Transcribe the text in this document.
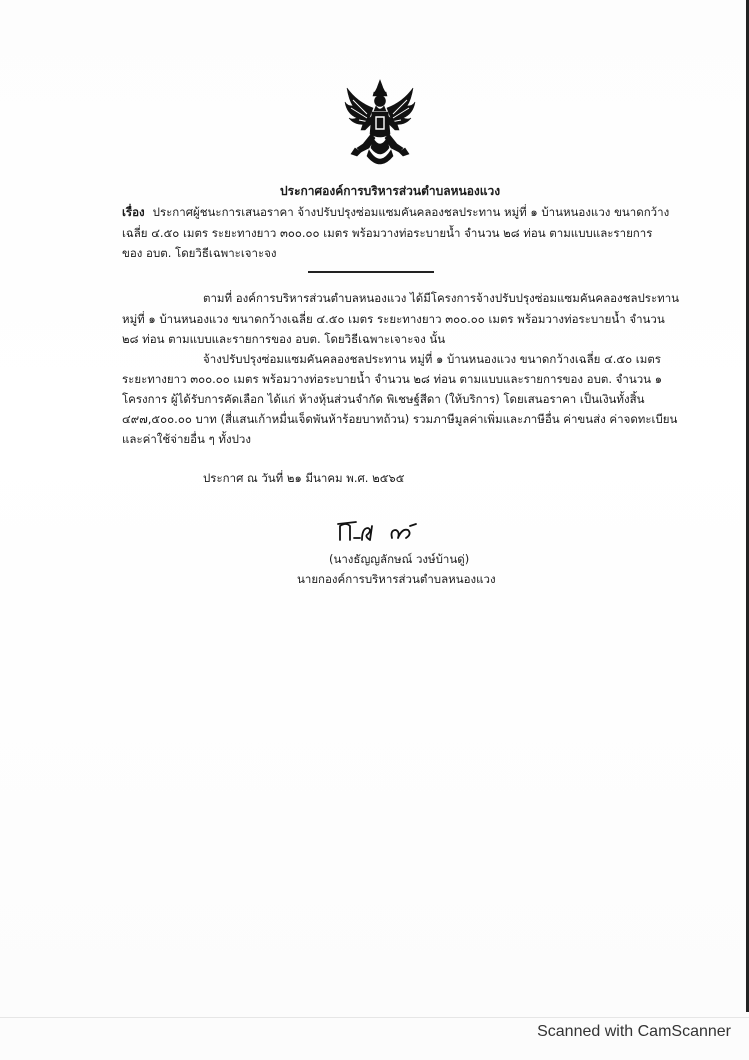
ประกาศองค์การบริหารส่วนตำบลหนองแวง
เรื่อง ประกาศผู้ชนะการเสนอราคา จ้างปรับปรุงซ่อมแซมคันคลองชลประทาน หมู่ที่ ๑ บ้านหนองแวง ขนาดกว้าง
เฉลี่ย ๔.๕๐ เมตร ระยะทางยาว ๓๐๐.๐๐ เมตร พร้อมวางท่อระบายน้ำ จำนวน ๒๘ ท่อน ตามแบบและรายการ
ของ อบต. โดยวิธีเฉพาะเจาะจง
ตามที่ องค์การบริหารส่วนตำบลหนองแวง ได้มีโครงการจ้างปรับปรุงซ่อมแซมคันคลองชลประทาน
หมู่ที่ ๑ บ้านหนองแวง ขนาดกว้างเฉลี่ย ๔.๕๐ เมตร ระยะทางยาว ๓๐๐.๐๐ เมตร พร้อมวางท่อระบายน้ำ จำนวน
๒๘ ท่อน ตามแบบและรายการของ อบต. โดยวิธีเฉพาะเจาะจง นั้น
จ้างปรับปรุงซ่อมแซมคันคลองชลประทาน หมู่ที่ ๑ บ้านหนองแวง ขนาดกว้างเฉลี่ย ๔.๕๐ เมตร
ระยะทางยาว ๓๐๐.๐๐ เมตร พร้อมวางท่อระบายน้ำ จำนวน ๒๘ ท่อน ตามแบบและรายการของ อบต. จำนวน ๑
โครงการ ผู้ได้รับการคัดเลือก ได้แก่ ห้างหุ้นส่วนจำกัด พิเชษฐ์สีดา (ให้บริการ) โดยเสนอราคา เป็นเงินทั้งสิ้น
๔๙๗,๕๐๐.๐๐ บาท (สี่แสนเก้าหมื่นเจ็ดพันห้าร้อยบาทถ้วน) รวมภาษีมูลค่าเพิ่มและภาษีอื่น ค่าขนส่ง ค่าจดทะเบียน
และค่าใช้จ่ายอื่น ๆ ทั้งปวง
ประกาศ ณ วันที่ ๒๑ มีนาคม พ.ศ. ๒๕๖๕
(นางธัญญลักษณ์ วงษ์บ้านดู่)
นายกองค์การบริหารส่วนตำบลหนองแวง
Scanned with CamScanner
